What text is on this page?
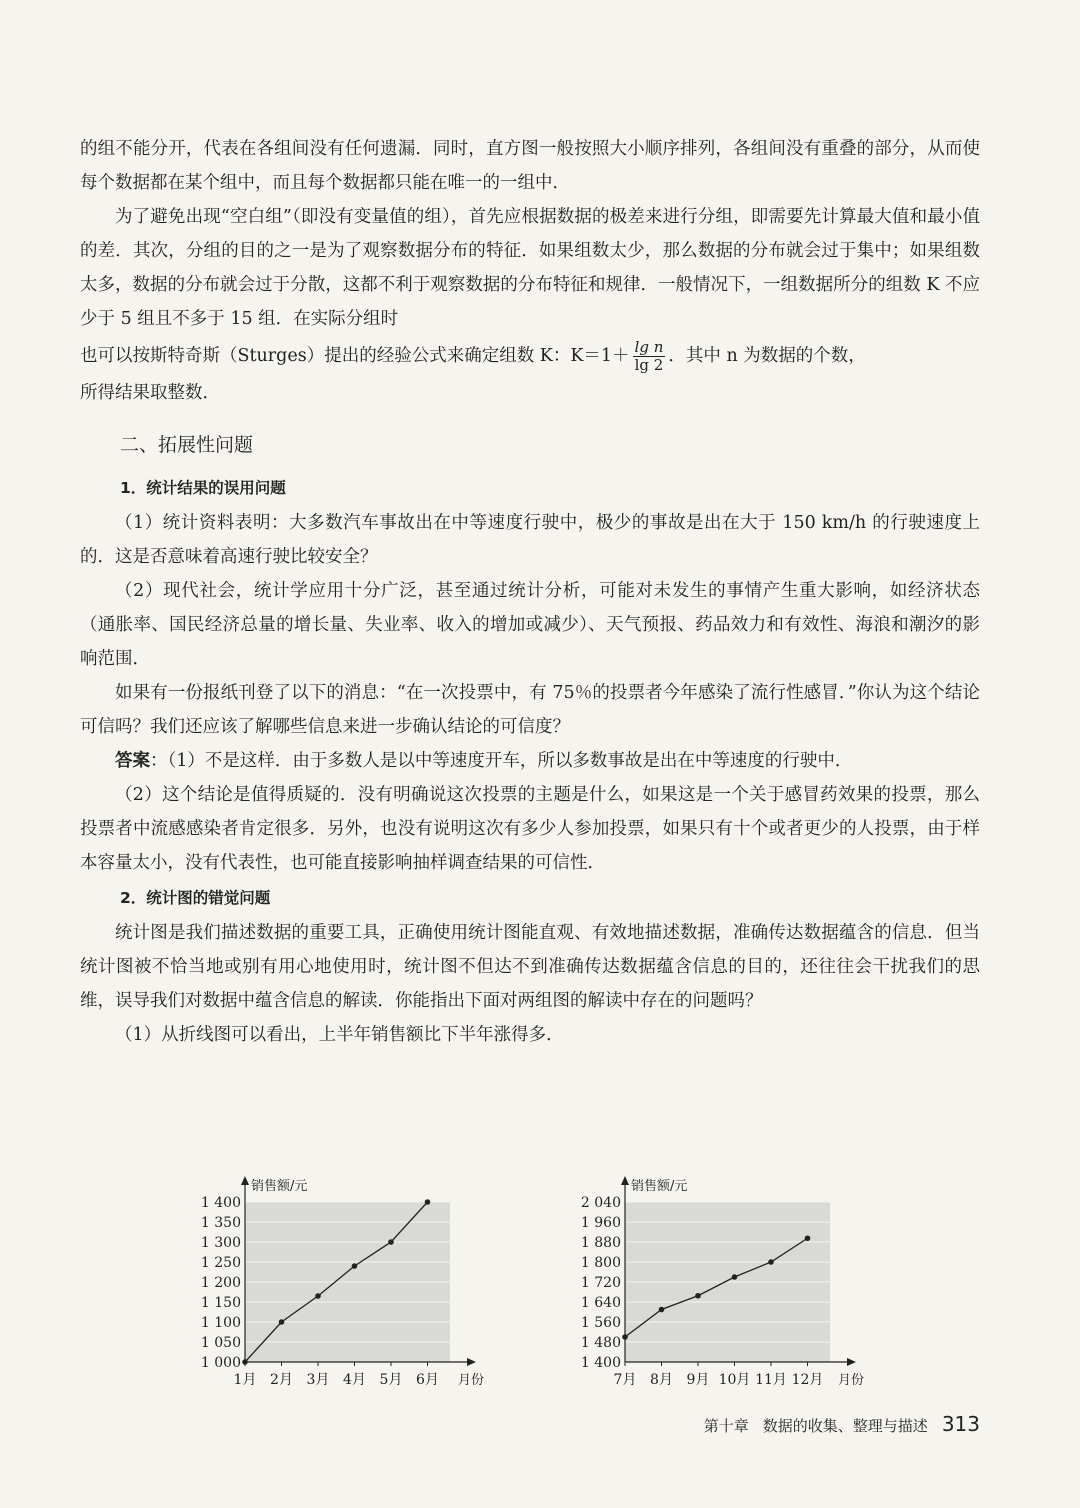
的组不能分开，代表在各组间没有任何遗漏．同时，直方图一般按照大小顺序排列，各组间没有重叠的部分，从而使每个数据都在某个组中，而且每个数据都只能在唯一的一组中．

为了避免出现“空白组”（即没有变量值的组），首先应根据数据的极差来进行分组，即需要先计算最大值和最小值的差．其次，分组的目的之一是为了观察数据分布的特征．如果组数太少，那么数据的分布就会过于集中；如果组数太多，数据的分布就会过于分散，这都不利于观察数据的分布特征和规律．一般情况下，一组数据所分的组数 K 不应少于 5 组且不多于 15 组．在实际分组时

也可以按斯特奇斯（Sturges）提出的经验公式来确定组数 K：$K=1+ \frac{\text{lg n}}{\lg 2}$ ．其中 n 为数据的个数，

所得结果取整数．

二、拓展性问题
1．统计结果的误用问题

（1）统计资料表明：大多数汽车事故出在中等速度行驶中，极少的事故是出在大于 150 km/h 的行驶速度上的．这是否意味着高速行驶比较安全？

（2）现代社会，统计学应用十分广泛，甚至通过统计分析，可能对未发生的事情产生重大影响，如经济状态（通胀率、国民经济总量的增长量、失业率、收入的增加或减少）、天气预报、药品效力和有效性、海浪和潮汐的影响范围．

如果有一份报纸刊登了以下的消息：“在一次投票中，有 75％的投票者今年感染了流行性感冒．”你认为这个结论可信吗？我们还应该了解哪些信息来进一步确认结论的可信度？

答案：（1）不是这样．由于多数人是以中等速度开车，所以多数事故是出在中等速度的行驶中．

（2）这个结论是值得质疑的．没有明确说这次投票的主题是什么，如果这是一个关于感冒药效果的投票，那么投票者中流感感染者肯定很多．另外，也没有说明这次有多少人参加投票，如果只有十个或者更少的人投票，由于样本容量太小，没有代表性，也可能直接影响抽样调查结果的可信性．

2．统计图的错觉问题

统计图是我们描述数据的重要工具，正确使用统计图能直观、有效地描述数据，准确传达数据蕴含的信息．但当统计图被不恰当地或别有用心地使用时，统计图不但达不到准确传达数据蕴含信息的目的，还往往会干扰我们的思维，误导我们对数据中蕴含信息的解读．你能指出下面对两组图的解读中存在的问题吗？

（1）从折线图可以看出，上半年销售额比下半年涨得多．

1 000
1 050
1 100
1 150
1 200
1 250
1 300
1 350
1 400
销售额/元
月份
1月 2月 3月 4月 5月 6月
1 400
1 480
1 560
1 640
1 720
1 800
1 880
1 960
2 040
销售额/元
月份
7月 8月 9月 10月 11月 12月
第十章 数据的收集、整理与描述 313
